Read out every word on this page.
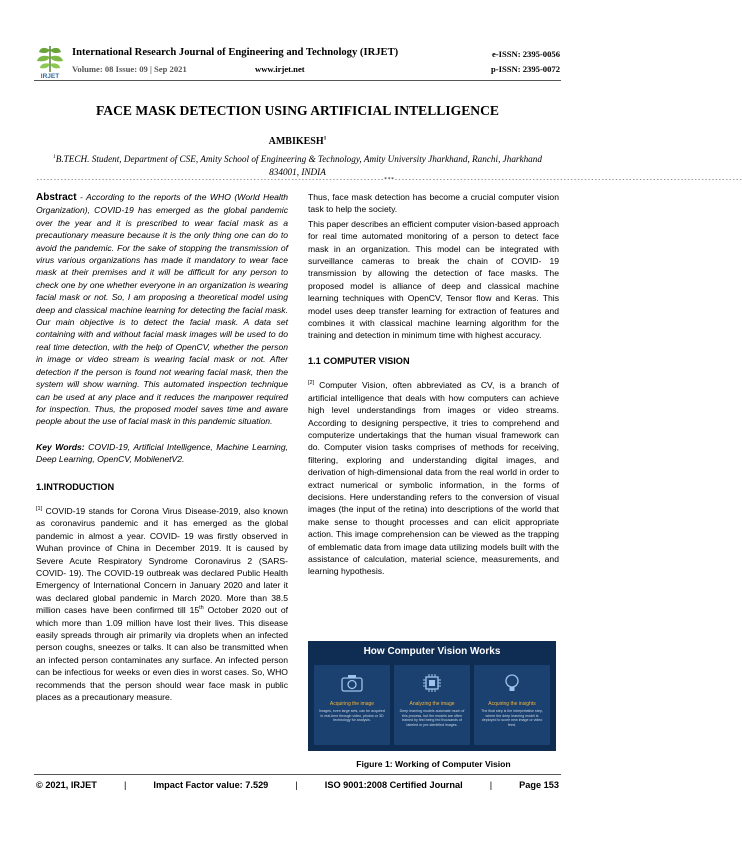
IRJET
International Research Journal of Engineering and Technology (IRJET)
Volume: 08 Issue: 09 | Sep 2021	www.irjet.net
e-ISSN: 2395-0056
p-ISSN: 2395-0072
FACE MASK DETECTION USING ARTIFICIAL INTELLIGENCE
AMBIKESH$^1$
$^1$B.TECH. Student, Department of CSE, Amity School of Engineering & Technology, Amity University Jharkhand, Ranchi, Jharkhand 834001, INDIA
-----------------------------------------------------------------------------------------------------***-----------------------------------------------------------------------------------------------------

Abstract - According to the reports of the WHO (World Health Organization), COVID-19 has emerged as the global pandemic over the year and it is prescribed to wear facial mask as a precautionary measure because it is the only thing one can do to avoid the pandemic. For the sake of stopping the transmission of virus various organizations has made it mandatory to wear face mask at their premises and it will be difficult for any person to check one by one whether everyone in an organization is wearing facial mask or not. So, I am proposing a theoretical model using deep and classical machine learning for detecting the facial mask. Our main objective is to detect the facial mask. A data set containing with and without facial mask images will be used to do real time detection, with the help of OpenCV, whether the person in image or video stream is wearing facial mask or not. After detection if the person is found not wearing facial mask, then the system will show warning. This automated inspection technique can be used at any place and it reduces the manpower required for inspection. Thus, the proposed model saves time and aware people about the use of facial mask in this pandemic situation.

Key Words: COVID-19, Artificial Intelligence, Machine Learning, Deep Learning, OpenCV, MobilenetV2.

1.INTRODUCTION

[1] COVID-19 stands for Corona Virus Disease-2019, also known as coronavirus pandemic and it has emerged as the global pandemic in almost a year. COVID- 19 was firstly observed in Wuhan province of China in December 2019. It is caused by Severe Acute Respiratory Syndrome Coronavirus 2 (SARS-COVID- 19). The COVID-19 outbreak was declared Public Health Emergency of International Concern in January 2020 and later it was declared global pandemic in March 2020. More than 38.5 million cases have been confirmed till 15th October 2020 out of which more than 1.09 million have lost their lives. This disease easily spreads through air primarily via droplets when an infected person coughs, sneezes or talks. It can also be transmitted when an infected person contaminates any surface. An infected person can be infectious for weeks or even dies in worst cases. So, WHO recommends that the person should wear face mask in public places as a precautionary measure.

Thus, face mask detection has become a crucial computer vision task to help the society.

This paper describes an efficient computer vision-based approach for real time automated monitoring of a person to detect face mask in an organization. This model can be integrated with surveillance cameras to break the chain of COVID- 19 transmission by allowing the detection of face masks. The proposed model is alliance of deep and classical machine learning techniques with OpenCV, Tensor flow and Keras. This model uses deep transfer learning for extraction of features and combines it with classical machine learning algorithm for the training and detection in minimum time with highest accuracy.

1.1 COMPUTER VISION

[2] Computer Vision, often abbreviated as CV, is a branch of artificial intelligence that deals with how computers can achieve high level understandings from images or video streams. According to designing perspective, it tries to comprehend and computerize undertakings that the human visual framework can do. Computer vision tasks comprises of methods for receiving, filtering, exploring and understanding digital images, and derivation of high-dimensional data from the real world in order to extract numerical or symbolic information, in the forms of decisions. Here understanding refers to the conversion of visual images (the input of the retina) into descriptions of the world that make sense to thought processes and can elicit appropriate action. This image comprehension can be viewed as the trapping of emblematic data from image data utilizing models built with the assistance of calculation, material science, measurements, and learning hypothesis.

How Computer Vision Works
Acquiring the image
Images, even large sets, can be acquired in real-time through video, photos or 3D technology for analysis.
Analyzing the image
Deep learning models automate much of this process, but the models are often trained by first being fed thousands of labeled or pre-identified images.
Acquiring the insights
The final step is the interpretative step, where the deep learning model is deployed to score new image or video feed.
Figure 1: Working of Computer Vision
© 2021, IRJET	|	Impact Factor value: 7.529	|	ISO 9001:2008 Certified Journal	|	Page 153
